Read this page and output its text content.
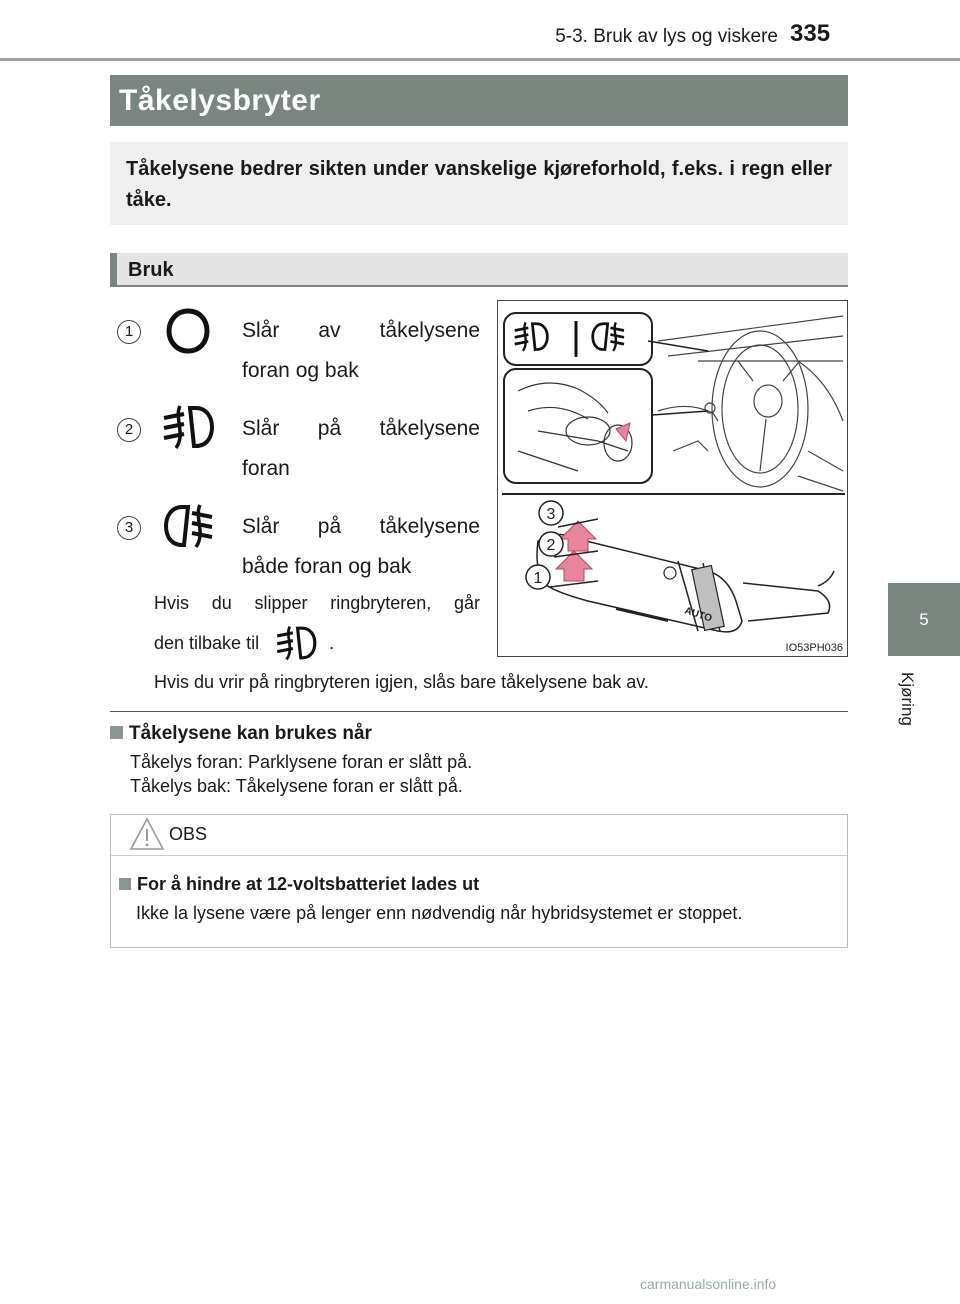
5-3. Bruk av lys og viskere 335
5
Kjøring
Tåkelysbryter
Tåkelysene bedrer sikten under vanskelige kjøreforhold, f.eks. i regn eller tåke.
Bruk
1	Slår av tåkelysene
foran og bak
2	Slår på tåkelysene
foran
3	Slår på tåkelysene
både foran og bak
Hvis du slipper ringbryteren, går
den tilbake til	.
Hvis du vrir på ringbryteren igjen, slås bare tåkelysene bak av.
AUTO
3
2
1
IO53PH036
Tåkelysene kan brukes når
Tåkelys foran: Parklysene foran er slått på.
Tåkelys bak: Tåkelysene foran er slått på.
OBS
For å hindre at 12-voltsbatteriet lades ut
Ikke la lysene være på lenger enn nødvendig når hybridsystemet er stoppet.
carmanualsonline.info
